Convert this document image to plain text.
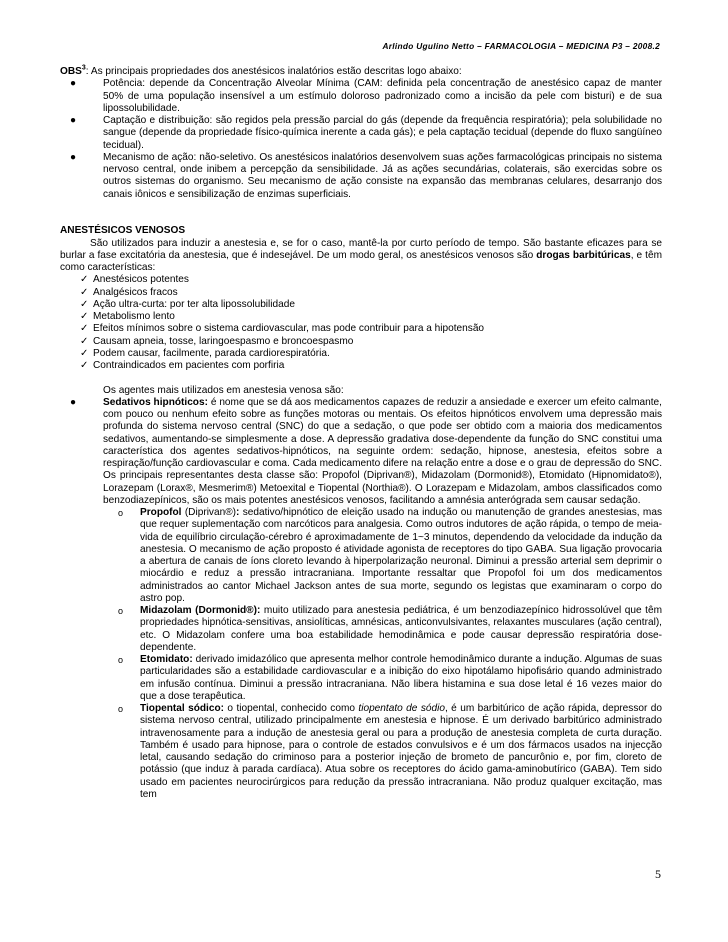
Arlindo Ugulino Netto – FARMACOLOGIA – MEDICINA P3 – 2008.2

OBS$^3$: As principais propriedades dos anestésicos inalatórios estão descritas logo abaixo:

●	Potência: depende da Concentração Alveolar Mínima (CAM: definida pela concentração de anestésico capaz de manter 50% de uma população insensível a um estímulo doloroso padronizado como a incisão da pele com bisturi) e de sua lipossolubilidade.

●	Captação e distribuição: são regidos pela pressão parcial do gás (depende da frequência respiratória); pela solubilidade no sangue (depende da propriedade físico-química inerente a cada gás); e pela captação tecidual (depende do fluxo sangüíneo tecidual).

●	Mecanismo de ação: não-seletivo. Os anestésicos inalatórios desenvolvem suas ações farmacológicas principais no sistema nervoso central, onde inibem a percepção da sensibilidade. Já as ações secundárias, colaterais, são exercidas sobre os outros sistemas do organismo. Seu mecanismo de ação consiste na expansão das membranas celulares, desarranjo dos canais iônicos e sensibilização de enzimas superficiais.

ANESTÉSICOS VENOSOS

São utilizados para induzir a anestesia e, se for o caso, mantê-la por curto período de tempo. São bastante eficazes para se burlar a fase excitatória da anestesia, que é indesejável. De um modo geral, os anestésicos venosos são drogas barbitúricas, e têm como características:

✓ Anestésicos potentes
✓ Analgésicos fracos
✓ Ação ultra-curta: por ter alta lipossolubilidade
✓ Metabolismo lento
✓ Efeitos mínimos sobre o sistema cardiovascular, mas pode contribuir para a hipotensão
✓ Causam apneia, tosse, laringoespasmo e broncoespasmo
✓ Podem causar, facilmente, parada cardiorespiratória.
✓ Contraindicados em pacientes com porfiria

Os agentes mais utilizados em anestesia venosa são:

●	Sedativos hipnóticos: é nome que se dá aos medicamentos capazes de reduzir a ansiedade e exercer um efeito calmante, com pouco ou nenhum efeito sobre as funções motoras ou mentais. Os efeitos hipnóticos envolvem uma depressão mais profunda do sistema nervoso central (SNC) do que a sedação, o que pode ser obtido com a maioria dos medicamentos sedativos, aumentando-se simplesmente a dose. A depressão gradativa dose-dependente da função do SNC constitui uma característica dos agentes sedativos-hipnóticos, na seguinte ordem: sedação, hipnose, anestesia, efeitos sobre a respiração/função cardiovascular e coma. Cada medicamento difere na relação entre a dose e o grau de depressão do SNC. Os principais representantes desta classe são: Propofol (Diprivan®), Midazolam (Dormonid®), Etomidato (Hipnomidato®), Lorazepam (Lorax®, Mesmerim®) Metoexital e Tiopental (Northia®). O Lorazepam e Midazolam, ambos classificados como benzodiazepínicos, são os mais potentes anestésicos venosos, facilitando a amnésia anterógrada sem causar sedação.

o Propofol (Diprivan®): sedativo/hipnótico de eleição usado na indução ou manutenção de grandes anestesias, mas que requer suplementação com narcóticos para analgesia. Como outros indutores de ação rápida, o tempo de meia-vida de equilíbrio circulação-cérebro é aproximadamente de 1~3 minutos, dependendo da velocidade da indução da anestesia. O mecanismo de ação proposto é atividade agonista de receptores do tipo GABA. Sua ligação provocaria a abertura de canais de íons cloreto levando à hiperpolarização neuronal. Diminui a pressão arterial sem deprimir o miocárdio e reduz a pressão intracraniana. Importante ressaltar que Propofol foi um dos medicamentos administrados ao cantor Michael Jackson antes de sua morte, segundo os legistas que examinaram o corpo do astro pop.

o Midazolam (Dormonid®): muito utilizado para anestesia pediátrica, é um benzodiazepínico hidrossolúvel que têm propriedades hipnótica-sensitivas, ansiolíticas, amnésicas, anticonvulsivantes, relaxantes musculares (ação central), etc. O Midazolam confere uma boa estabilidade hemodinâmica e pode causar depressão respiratória dose-dependente.

o Etomidato: derivado imidazólico que apresenta melhor controle hemodinâmico durante a indução. Algumas de suas particularidades são a estabilidade cardiovascular e a inibição do eixo hipotálamo hipofisário quando administrado em infusão contínua. Diminui a pressão intracraniana. Não libera histamina e sua dose letal é 16 vezes maior do que a dose terapêutica.

o Tiopental sódico: o tiopental, conhecido como tiopentato de sódio, é um barbitúrico de ação rápida, depressor do sistema nervoso central, utilizado principalmente em anestesia e hipnose. É um derivado barbitúrico administrado intravenosamente para a indução de anestesia geral ou para a produção de anestesia completa de curta duração. Também é usado para hipnose, para o controle de estados convulsivos e é um dos fármacos usados na injecção letal, causando sedação do criminoso para a posterior injeção de brometo de pancurônio e, por fim, cloreto de potássio (que induz à parada cardíaca). Atua sobre os receptores do ácido gama-aminobutírico (GABA). Tem sido usado em pacientes neurocirúrgicos para redução da pressão intracraniana. Não produz qualquer excitação, mas tem

5
